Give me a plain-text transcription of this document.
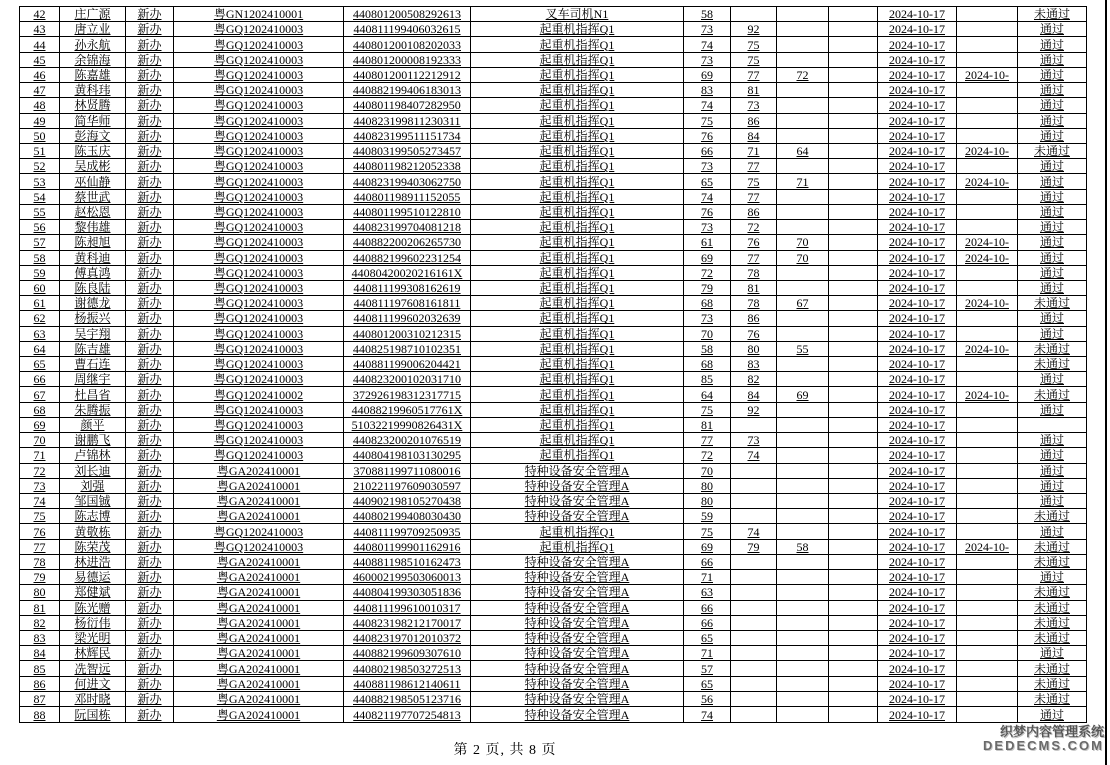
42	庄广源	新办	粤GN1202410001	440801200508292613	叉车司机N1	58				2024-10-17		未通过
43	唐立业	新办	粤GQ1202410003	440811199406032615	起重机指挥Q1	73	92			2024-10-17		通过
44	孙永航	新办	粤GQ1202410003	440801200108202033	起重机指挥Q1	74	75			2024-10-17		通过
45	余锦海	新办	粤GQ1202410003	440801200008192333	起重机指挥Q1	73	75			2024-10-17		通过
46	陈嘉雄	新办	粤GQ1202410003	440801200112212912	起重机指挥Q1	69	77	72		2024-10-17	2024-10-	通过
47	黄科玮	新办	粤GQ1202410003	440882199406183013	起重机指挥Q1	83	81			2024-10-17		通过
48	林贤腾	新办	粤GQ1202410003	440801198407282950	起重机指挥Q1	74	73			2024-10-17		通过
49	简华师	新办	粤GQ1202410003	440823199811230311	起重机指挥Q1	75	86			2024-10-17		通过
50	彭海文	新办	粤GQ1202410003	440823199511151734	起重机指挥Q1	76	84			2024-10-17		通过
51	陈玉庆	新办	粤GQ1202410003	440803199505273457	起重机指挥Q1	66	71	64		2024-10-17	2024-10-	未通过
52	吴成彬	新办	粤GQ1202410003	440801198212052338	起重机指挥Q1	73	77			2024-10-17		通过
53	巫仙静	新办	粤GQ1202410003	440823199403062750	起重机指挥Q1	65	75	71		2024-10-17	2024-10-	通过
54	蔡世武	新办	粤GQ1202410003	440801198911152055	起重机指挥Q1	74	77			2024-10-17		通过
55	赵松恩	新办	粤GQ1202410003	440801199510122810	起重机指挥Q1	76	86			2024-10-17		通过
56	黎伟雄	新办	粤GQ1202410003	440823199704081218	起重机指挥Q1	73	72			2024-10-17		通过
57	陈昶旭	新办	粤GQ1202410003	440882200206265730	起重机指挥Q1	61	76	70		2024-10-17	2024-10-	通过
58	黄科迪	新办	粤GQ1202410003	440882199602231254	起重机指挥Q1	69	77	70		2024-10-17	2024-10-	通过
59	傅真鸿	新办	粤GQ1202410003	44080420020216161X	起重机指挥Q1	72	78			2024-10-17		通过
60	陈良陆	新办	粤GQ1202410003	440811199308162619	起重机指挥Q1	79	81			2024-10-17		通过
61	谢德龙	新办	粤GQ1202410003	440811197608161811	起重机指挥Q1	68	78	67		2024-10-17	2024-10-	未通过
62	杨振兴	新办	粤GQ1202410003	440811199602032639	起重机指挥Q1	73	86			2024-10-17		通过
63	吴宇翔	新办	粤GQ1202410003	440801200310212315	起重机指挥Q1	70	76			2024-10-17		通过
64	陈吉雄	新办	粤GQ1202410003	440825198710102351	起重机指挥Q1	58	80	55		2024-10-17	2024-10-	未通过
65	曹石连	新办	粤GQ1202410003	440881199006204421	起重机指挥Q1	68	83			2024-10-17		未通过
66	周继宇	新办	粤GQ1202410003	440823200102031710	起重机指挥Q1	85	82			2024-10-17		通过
67	杜昌省	新办	粤GQ1202410002	372926198312317715	起重机指挥Q1	64	84	69		2024-10-17	2024-10-	未通过
68	朱腾振	新办	粤GQ1202410003	44088219960517761X	起重机指挥Q1	75	92			2024-10-17		通过
69	颜平	新办	粤GQ1202410003	51032219990826431X	起重机指挥Q1	81				2024-10-17		
70	谢鹏飞	新办	粤GQ1202410003	440823200201076519	起重机指挥Q1	77	73			2024-10-17		通过
71	卢锦林	新办	粤GQ1202410003	440804198103130295	起重机指挥Q1	72	74			2024-10-17		通过
72	刘长迪	新办	粤GA202410001	370881199711080016	特种设备安全管理A	70				2024-10-17		通过
73	刘强	新办	粤GA202410001	210221197609030597	特种设备安全管理A	80				2024-10-17		通过
74	邹国铖	新办	粤GA202410001	440902198105270438	特种设备安全管理A	80				2024-10-17		通过
75	陈志博	新办	粤GA202410001	440802199408030430	特种设备安全管理A	59				2024-10-17		未通过
76	黄敬栋	新办	粤GQ1202410003	440811199709250935	起重机指挥Q1	75	74			2024-10-17		通过
77	陈荣茂	新办	粤GQ1202410003	440801199901162916	起重机指挥Q1	69	79	58		2024-10-17	2024-10-	未通过
78	林进浩	新办	粤GA202410001	440881198510162473	特种设备安全管理A	66				2024-10-17		未通过
79	易德运	新办	粤GA202410001	460002199503060013	特种设备安全管理A	71				2024-10-17		通过
80	郑健斌	新办	粤GA202410001	440804199303051836	特种设备安全管理A	63				2024-10-17		未通过
81	陈光赠	新办	粤GA202410001	440811199610010317	特种设备安全管理A	66				2024-10-17		未通过
82	杨衍伟	新办	粤GA202410001	440823198212170017	特种设备安全管理A	66				2024-10-17		未通过
83	梁光明	新办	粤GA202410001	440823197012010372	特种设备安全管理A	65				2024-10-17		未通过
84	林辉民	新办	粤GA202410001	440882199609307610	特种设备安全管理A	71				2024-10-17		通过
85	冼智远	新办	粤GA202410001	440802198503272513	特种设备安全管理A	57				2024-10-17		未通过
86	何进文	新办	粤GA202410001	440881198612140611	特种设备安全管理A	65				2024-10-17		未通过
87	邓时晓	新办	粤GA202410001	440882198505123716	特种设备安全管理A	56				2024-10-17		未通过
88	阮国栋	新办	粤GA202410001	440821197707254813	特种设备安全管理A	74				2024-10-17		通过
第 2 页, 共 8 页
织梦内容管理系统
DEDECMS.COM
